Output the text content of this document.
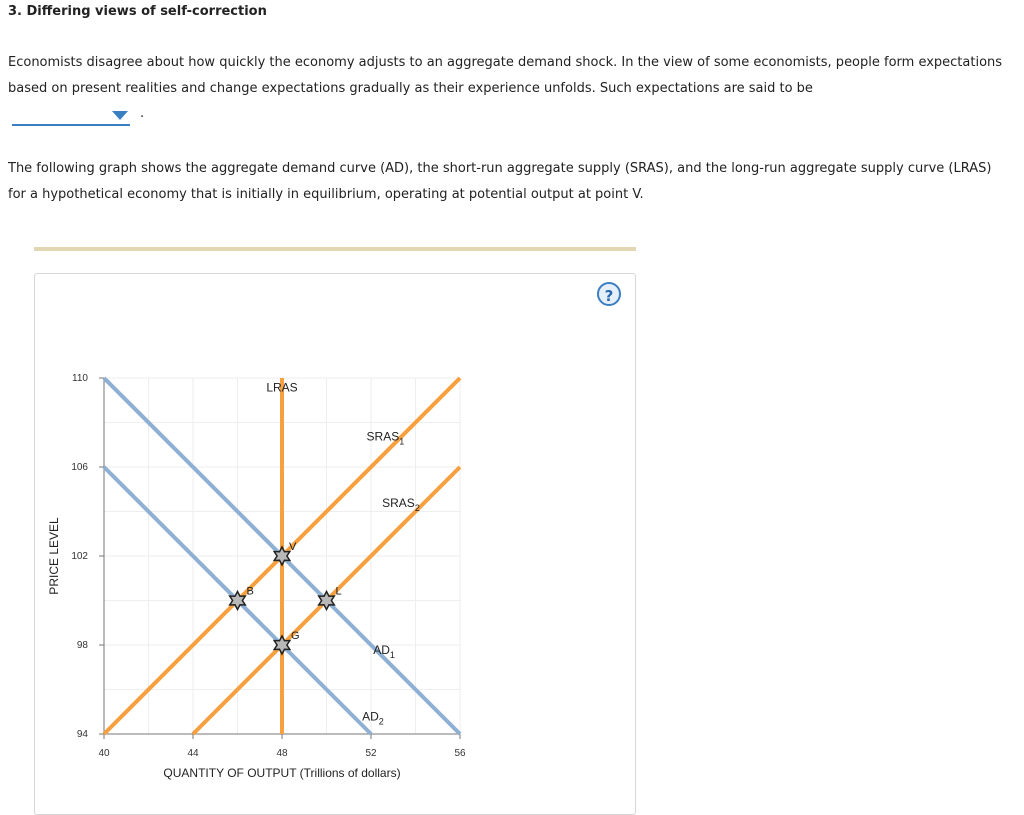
3. Differing views of self-correction
Economists disagree about how quickly the economy adjusts to an aggregate demand shock. In the view of some economists, people form expectations based on present realities and change expectations gradually as their experience unfolds. Such expectations are said to be
.
The following graph shows the aggregate demand curve (AD), the short-run aggregate supply (SRAS), and the long-run aggregate supply curve (LRAS) for a hypothetical economy that is initially in equilibrium, operating at potential output at point V.
?
40	44	48	52	56
94
98
102
106
110
QUANTITY OF OUTPUT (Trillions of dollars)
PRICE LEVEL
$AD_1$
$AD_2$
$SRAS_1$
$SRAS_2$
LRAS
V
B	L
G
